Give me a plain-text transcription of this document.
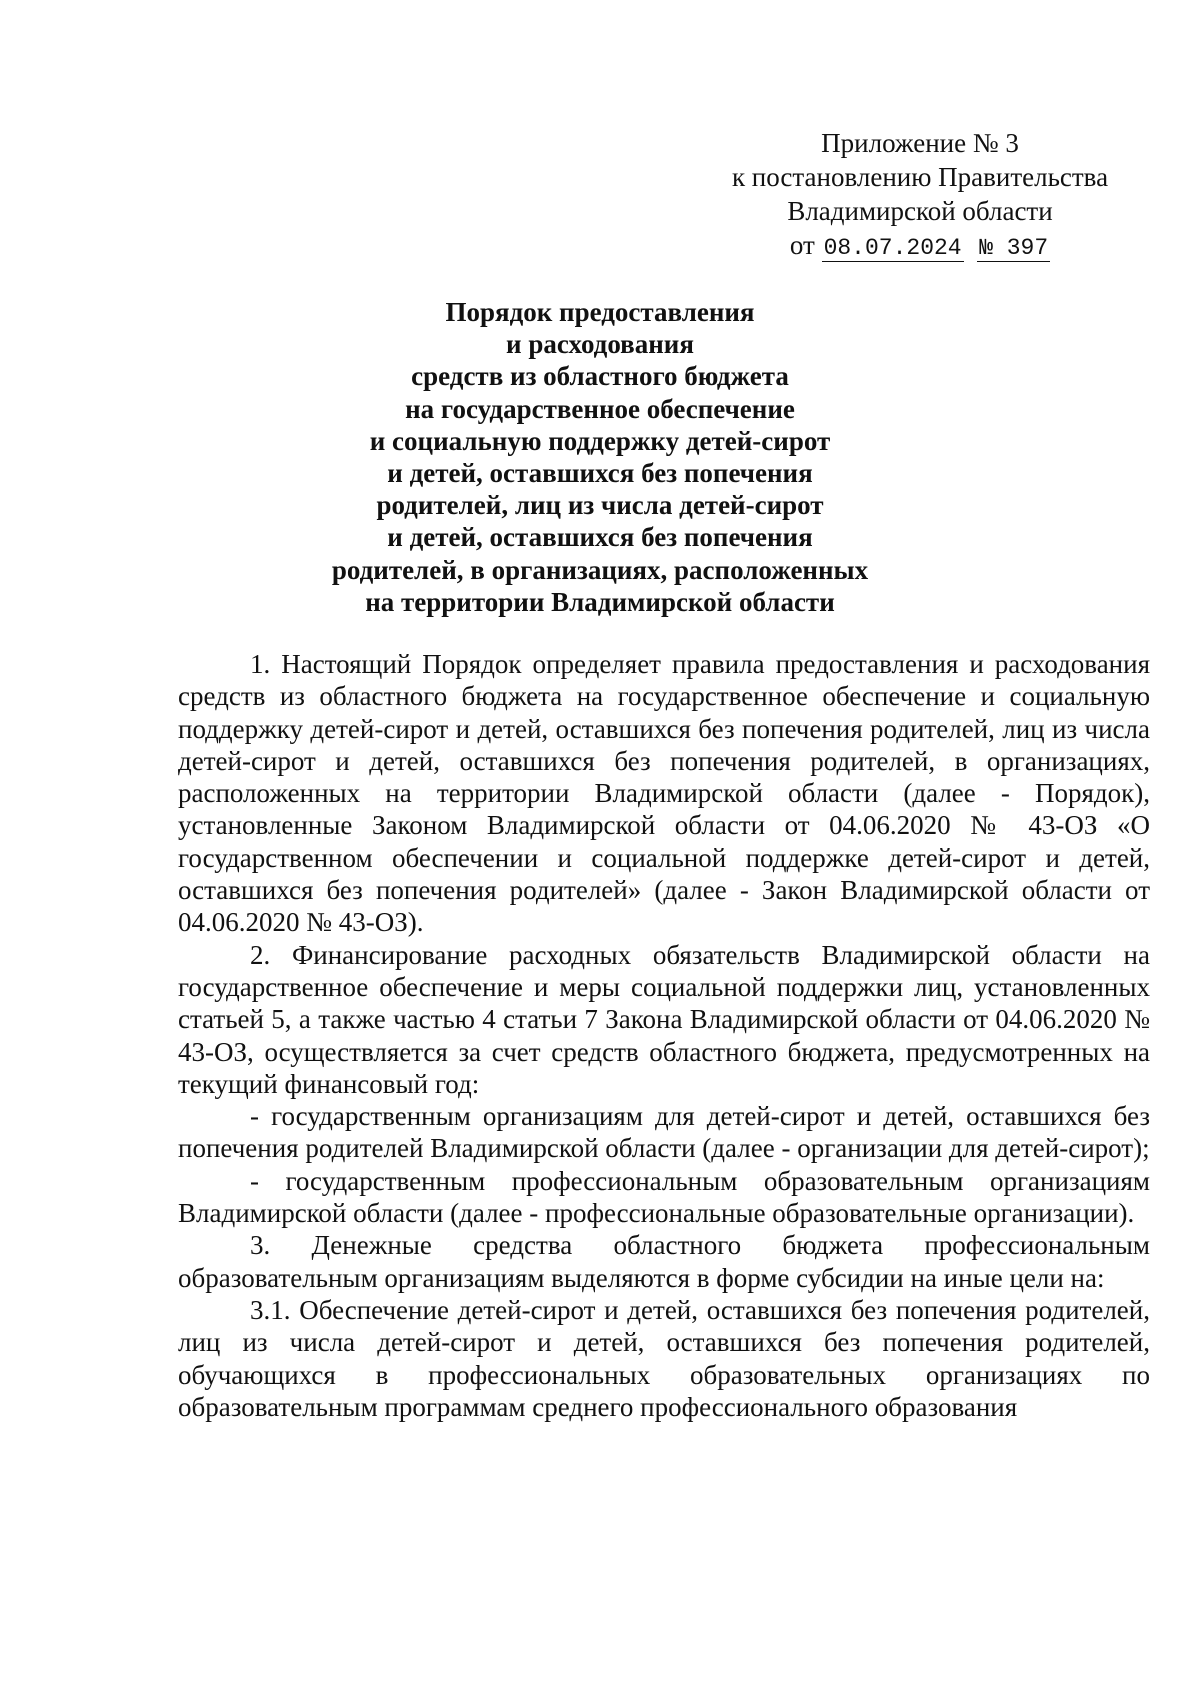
Приложение № 3
к постановлению Правительства
Владимирской области
от 08.07.2024 № 397
Порядок предоставления
и расходования
средств из областного бюджета
на государственное обеспечение
и социальную поддержку детей-сирот
и детей, оставшихся без попечения
родителей, лиц из числа детей-сирот
и детей, оставшихся без попечения
родителей, в организациях, расположенных
на территории Владимирской области

1. Настоящий Порядок определяет правила предоставления и расходования средств из областного бюджета на государственное обеспечение и социальную поддержку детей-сирот и детей, оставшихся без попечения родителей, лиц из числа детей-сирот и детей, оставшихся без попечения родителей, в организациях, расположенных на территории Владимирской области (далее - Порядок), установленные Законом Владимирской области от 04.06.2020 № 43-ОЗ «О государственном обеспечении и социальной поддержке детей-сирот и детей, оставшихся без попечения родителей» (далее - Закон Владимирской области от 04.06.2020 № 43-ОЗ).

2. Финансирование расходных обязательств Владимирской области на государственное обеспечение и меры социальной поддержки лиц, установленных статьей 5, а также частью 4 статьи 7 Закона Владимирской области от 04.06.2020 № 43-ОЗ, осуществляется за счет средств областного бюджета, предусмотренных на текущий финансовый год:

- государственным организациям для детей-сирот и детей, оставшихся без попечения родителей Владимирской области (далее - организации для детей-сирот);

- государственным профессиональным образовательным организациям Владимирской области (далее - профессиональные образовательные организации).

3. Денежные средства областного бюджета профессиональным образовательным организациям выделяются в форме субсидии на иные цели на:

3.1. Обеспечение детей-сирот и детей, оставшихся без попечения родителей, лиц из числа детей-сирот и детей, оставшихся без попечения родителей, обучающихся в профессиональных образовательных организациях по образовательным программам среднего профессионального образования
